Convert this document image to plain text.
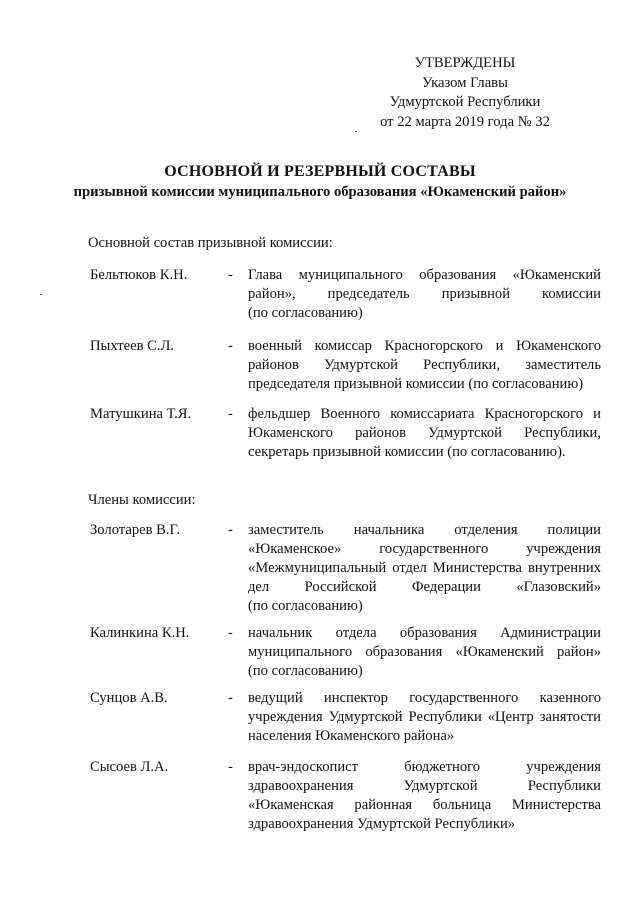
УТВЕРЖДЕНЫ
Указом Главы
Удмуртской Республики
от 22 марта 2019 года № 32
ОСНОВНОЙ И РЕЗЕРВНЫЙ СОСТАВЫ
призывной комиссии муниципального образования «Юкаменский район»
Основной состав призывной комиссии:
Бельтюков К.Н.	- Глава муниципального образования «Юкаменский
район», председатель призывной комиссии
(по согласованию)
Пыхтеев С.Л.	- военный комиссар Красногорского и Юкаменского
районов Удмуртской Республики, заместитель
председателя призывной комиссии (по согласованию)
Матушкина Т.Я.	- фельдшер Военного комиссариата Красногорского и
Юкаменского районов Удмуртской Республики,
секретарь призывной комиссии (по согласованию).
Члены комиссии:
Золотарев В.Г.	- заместитель начальника отделения полиции
«Юкаменское» государственного учреждения
«Межмуниципальный отдел Министерства внутренних
дел Российской Федерации «Глазовский»
(по согласованию)
Калинкина К.Н.	- начальник отдела образования Администрации
муниципального образования «Юкаменский район»
(по согласованию)
Сунцов А.В.	- ведущий инспектор государственного казенного
учреждения Удмуртской Республики «Центр занятости
населения Юкаменского района»
Сысоев Л.А.	- врач-эндоскопист бюджетного учреждения
здравоохранения Удмуртской Республики
«Юкаменская районная больница Министерства
здравоохранения Удмуртской Республики»
